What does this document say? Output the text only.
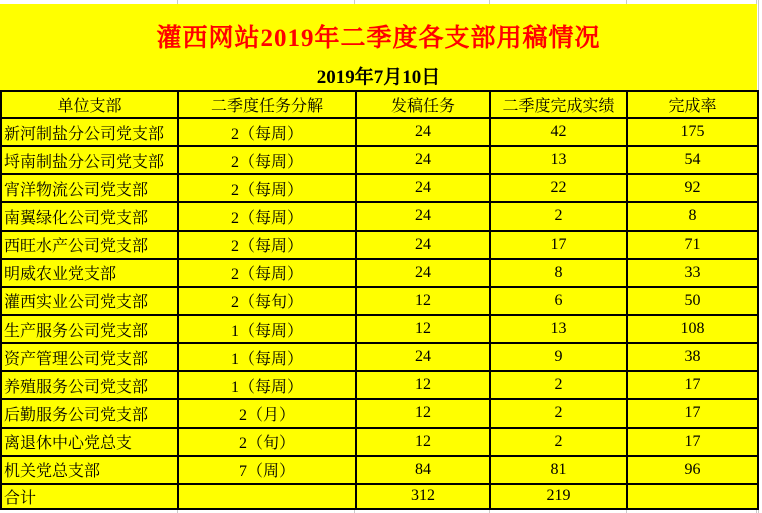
灌西网站2019年二季度各支部用稿情况
2019年7月10日
单位支部	二季度任务分解	发稿任务	二季度完成实绩	完成率
新河制盐分公司党支部	2（每周）	24	42	175
埒南制盐分公司党支部	2（每周）	24	13	54
宵洋物流公司党支部	2（每周）	24	22	92
南翼绿化公司党支部	2（每周）	24	2	8
西旺水产公司党支部	2（每周）	24	17	71
明威农业党支部	2（每周）	24	8	33
灌西实业公司党支部	2（每旬）	12	6	50
生产服务公司党支部	1（每周）	12	13	108
资产管理公司党支部	1（每周）	24	9	38
养殖服务公司党支部	1（每周）	12	2	17
后勤服务公司党支部	2（月）	12	2	17
离退休中心党总支	2（旬）	12	2	17
机关党总支部	7（周）	84	81	96
合计		312	219	
